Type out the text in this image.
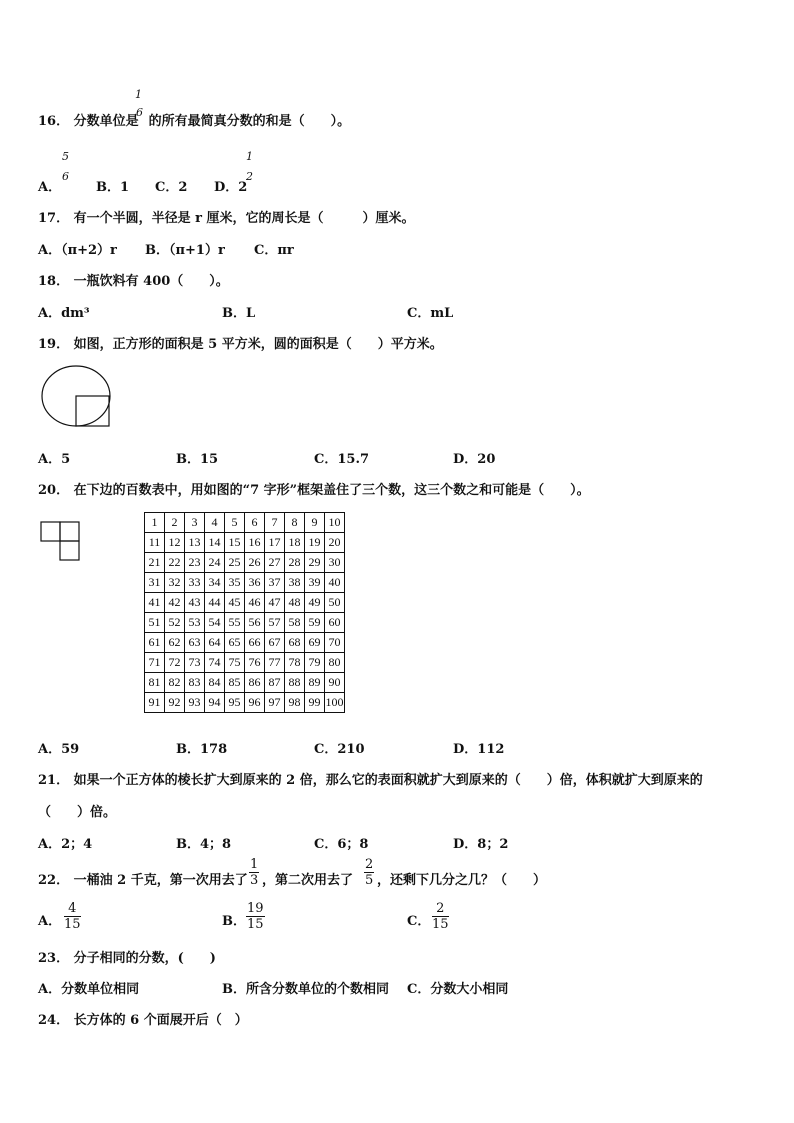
16． 分数单位是 的所有最简真分数的和是（　　）。
1
6
A．
5
6
B．1 C．2 D．2
1
2
17． 有一个半圆，半径是 r 厘米，它的周长是（　　　）厘米。
A．（π+2）r B．（π+1）r C．πr
18． 一瓶饮料有 400（　　）。
A．dm³	B．L	C．mL
19． 如图，正方形的面积是 5 平方米，圆的面积是（　　）平方米。
A．5	B．15	C．15.7	D．20
20． 在下边的百数表中，用如图的“7 字形”框架盖住了三个数，这三个数之和可能是（　　）。
1	2	3	4	5	6	7	8	9	10
11	12	13	14	15	16	17	18	19	20
21	22	23	24	25	26	27	28	29	30
31	32	33	34	35	36	37	38	39	40
41	42	43	44	45	46	47	48	49	50
51	52	53	54	55	56	57	58	59	60
61	62	63	64	65	66	67	68	69	70
71	72	73	74	75	76	77	78	79	80
81	82	83	84	85	86	87	88	89	90
91	92	93	94	95	96	97	98	99	100
A．59	B．178	C．210	D．112
21． 如果一个正方体的棱长扩大到原来的 2 倍，那么它的表面积就扩大到原来的（　　）倍，体积就扩大到原来的
（　　）倍。
A．2；4	B．4；8	C．6；8	D．8；2
22． 一桶油 2 千克，第一次用去了
1
3 ，第二次用去了
2
5 ，还剩下几分之几？（　　）
A．
4
15	B．
19
15	C．
2
15
23． 分子相同的分数，(　　)
A．分数单位相同	B．所含分数单位的个数相同 C．分数大小相同
24． 长方体的 6 个面展开后（　）
